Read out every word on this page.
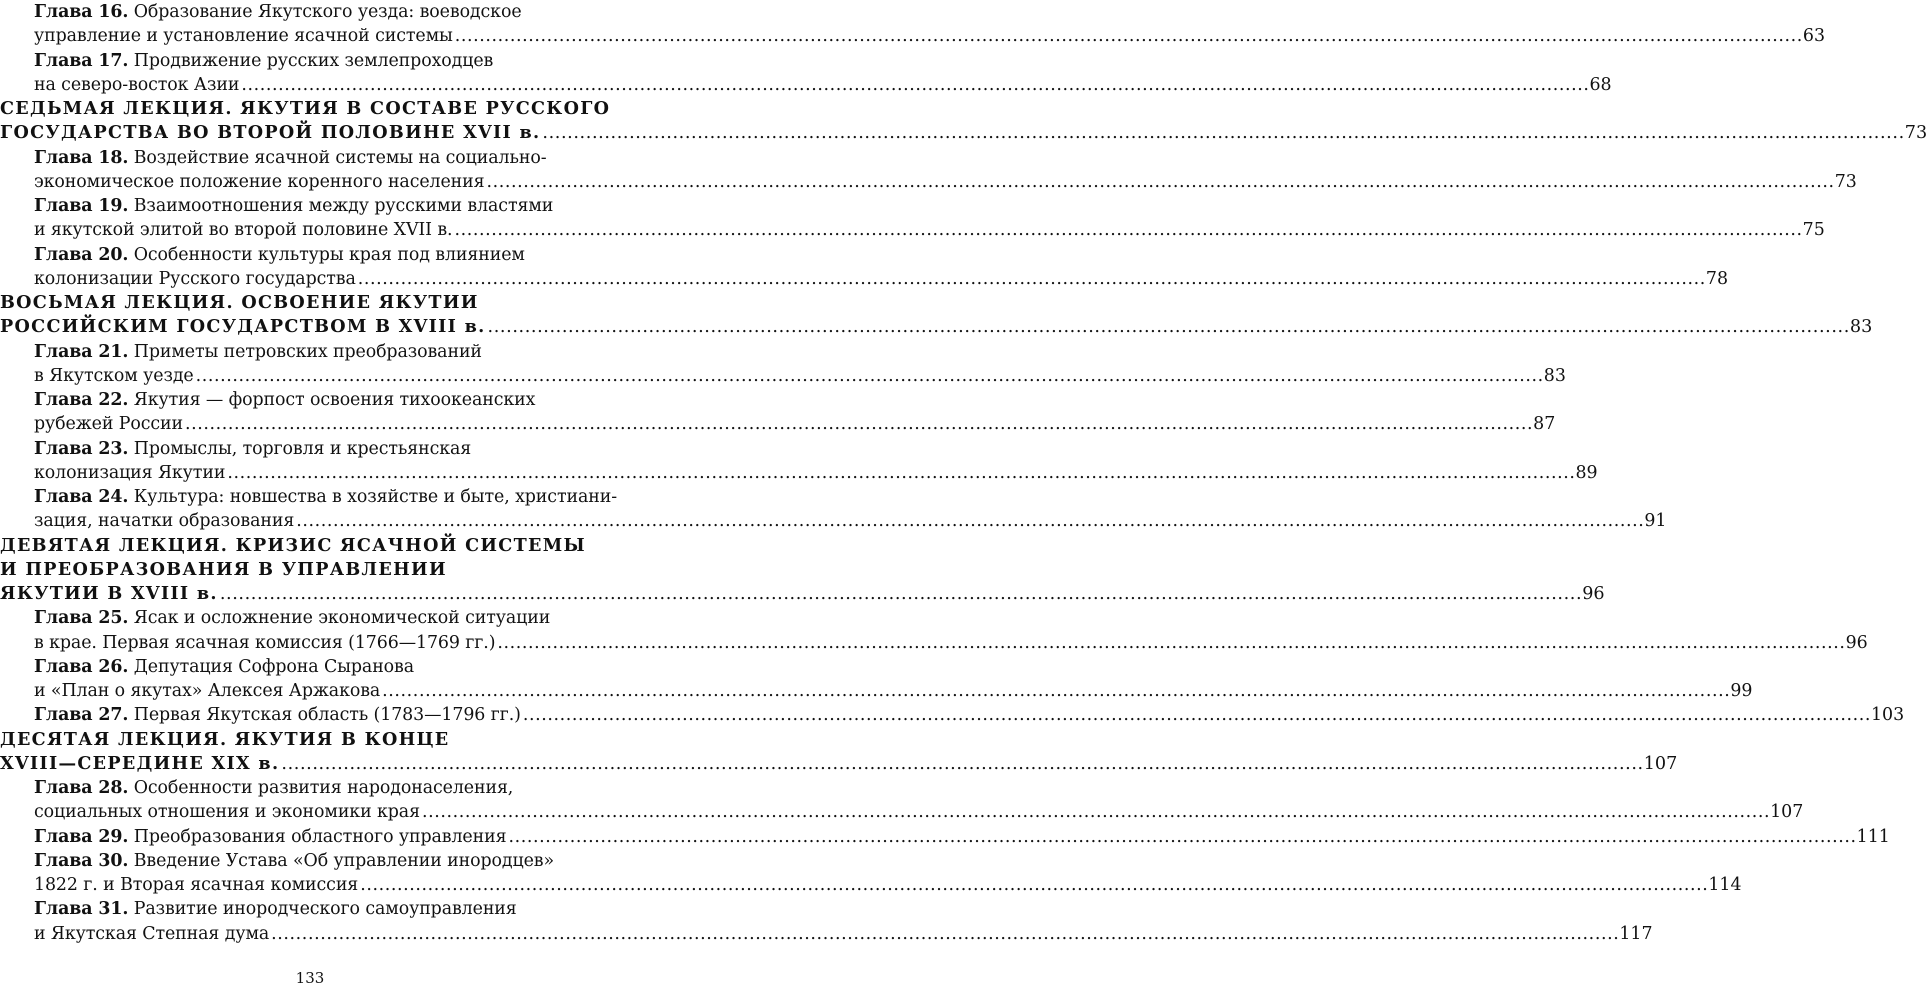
Глава 16. Образование Якутского уезда: воеводское
управление и установление ясачной системы ............................................................................................................................................................................................................................ 63
Глава 17. Продвижение русских землепроходцев
на северо-восток Азии ............................................................................................................................................................................................................................ 68
СЕДЬМАЯ ЛЕКЦИЯ. ЯКУТИЯ В СОСТАВЕ РУССКОГО
ГОСУДАРСТВА ВО ВТОРОЙ ПОЛОВИНЕ XVII в. ............................................................................................................................................................................................................................ 73
Глава 18. Воздействие ясачной системы на социально-
экономическое положение коренного населения ............................................................................................................................................................................................................................ 73
Глава 19. Взаимоотношения между русскими властями
и якутской элитой во второй половине XVII в. ............................................................................................................................................................................................................................ 75
Глава 20. Особенности культуры края под влиянием
колонизации Русского государства ............................................................................................................................................................................................................................ 78
ВОСЬМАЯ ЛЕКЦИЯ. ОСВОЕНИЕ ЯКУТИИ
РОССИЙСКИМ ГОСУДАРСТВОМ В XVIII в. ............................................................................................................................................................................................................................ 83
Глава 21. Приметы петровских преобразований
в Якутском уезде ............................................................................................................................................................................................................................ 83
Глава 22. Якутия — форпост освоения тихоокеанских
рубежей России ............................................................................................................................................................................................................................ 87
Глава 23. Промыслы, торговля и крестьянская
колонизация Якутии ............................................................................................................................................................................................................................ 89
Глава 24. Культура: новшества в хозяйстве и быте, христиани-
зация, начатки образования ............................................................................................................................................................................................................................ 91
ДЕВЯТАЯ ЛЕКЦИЯ. КРИЗИС ЯСАЧНОЙ СИСТЕМЫ
И ПРЕОБРАЗОВАНИЯ В УПРАВЛЕНИИ
ЯКУТИИ В XVIII в. ............................................................................................................................................................................................................................ 96
Глава 25. Ясак и осложнение экономической ситуации
в крае. Первая ясачная комиссия (1766—1769 гг.) ............................................................................................................................................................................................................................ 96
Глава 26. Депутация Софрона Сыранова
и «План о якутах» Алексея Аржакова ............................................................................................................................................................................................................................ 99
Глава 27. Первая Якутская область (1783—1796 гг.) ............................................................................................................................................................................................................................ 103
ДЕСЯТАЯ ЛЕКЦИЯ. ЯКУТИЯ В КОНЦЕ
XVIII—СЕРЕДИНЕ XIX в. ............................................................................................................................................................................................................................ 107
Глава 28. Особенности развития народонаселения,
социальных отношения и экономики края ............................................................................................................................................................................................................................ 107
Глава 29. Преобразования областного управления ............................................................................................................................................................................................................................ 111
Глава 30. Введение Устава «Об управлении инородцев»
1822 г. и Вторая ясачная комиссия ............................................................................................................................................................................................................................ 114
Глава 31. Развитие инородческого самоуправления
и Якутская Степная дума ............................................................................................................................................................................................................................ 117
133
